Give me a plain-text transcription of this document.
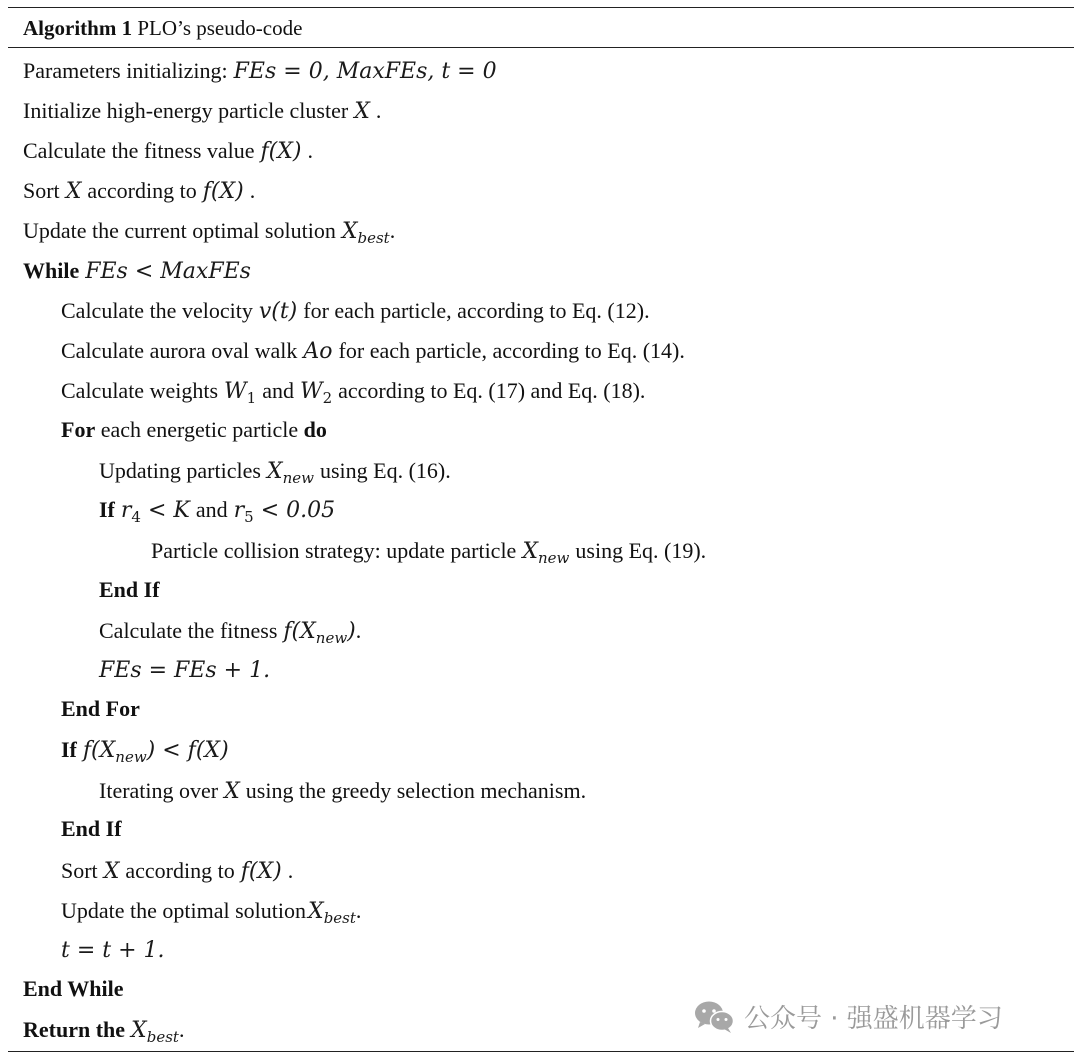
Algorithm 1 PLO’s pseudo-code
Parameters initializing: FEs = 0, MaxFEs, t = 0
Initialize high-energy particle cluster X .
Calculate the fitness value f(X) .
Sort X according to f(X) .
Update the current optimal solution $X_{best}$.
While FEs < MaxFEs
Calculate the velocity v(t) for each particle, according to Eq. (12).
Calculate aurora oval walk Ao for each particle, according to Eq. (14).
Calculate weights $W_1$ and $W_2$ according to Eq. (17) and Eq. (18).
For each energetic particle do
Updating particles $X_{new}$ using Eq. (16).
If $r_4 < K$ and $r_5 < 0.05$
Particle collision strategy: update particle $X_{new}$ using Eq. (19).
End If
Calculate the fitness $f(X_{new})$.
FEs = FEs + 1.
End For
If $f(X_{new}) < f(X)$
Iterating over X using the greedy selection mechanism.
End If
Sort X according to f(X) .
Update the optimal solutionX$_{best}$.
t = t + 1.
End While
Return the $X_{best}$.	公众号 · 强盛机器学习
